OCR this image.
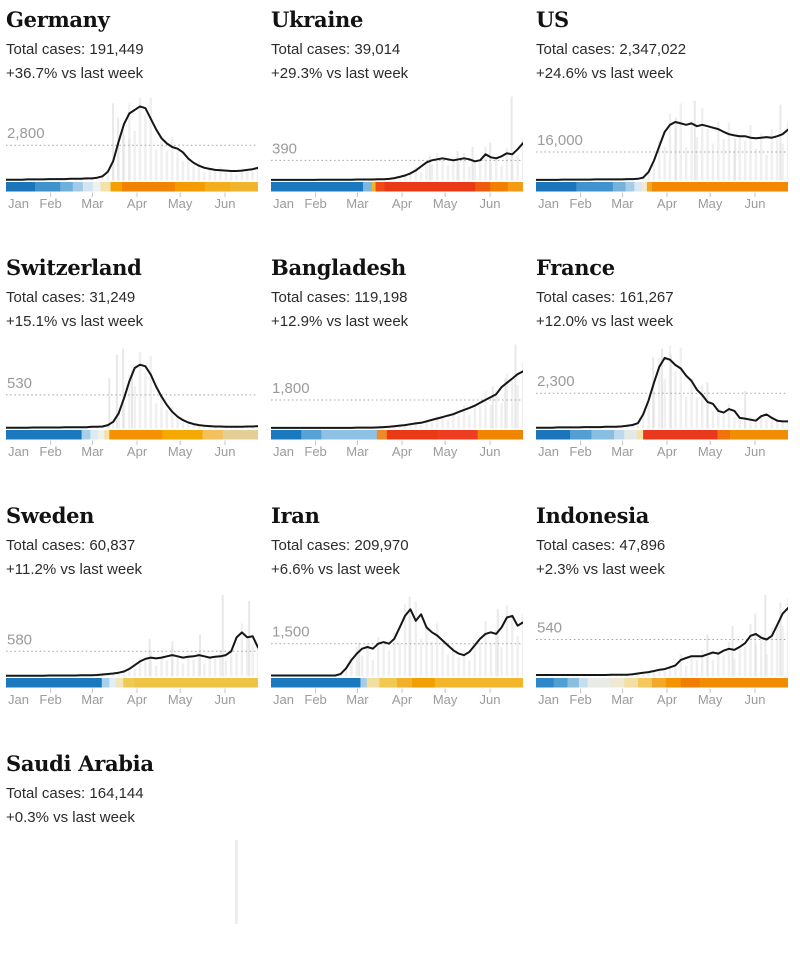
Germany

Total cases: 191,449

+36.7% vs last week

2,800
Jan Feb Mar Apr May Jun
Ukraine

Total cases: 39,014

+29.3% vs last week

390
Jan Feb Mar Apr May Jun
US

Total cases: 2,347,022

+24.6% vs last week

16,000
Jan Feb Mar Apr May Jun
Switzerland

Total cases: 31,249

+15.1% vs last week

530
Jan Feb Mar Apr May Jun
Bangladesh

Total cases: 119,198

+12.9% vs last week

1,800
Jan Feb Mar Apr May Jun
France

Total cases: 161,267

+12.0% vs last week

2,300
Jan Feb Mar Apr May Jun
Sweden

Total cases: 60,837

+11.2% vs last week

580
Jan Feb Mar Apr May Jun
Iran

Total cases: 209,970

+6.6% vs last week

1,500
Jan Feb Mar Apr May Jun
Indonesia

Total cases: 47,896

+2.3% vs last week

540
Jan Feb Mar Apr May Jun
Saudi Arabia

Total cases: 164,144

+0.3% vs last week
